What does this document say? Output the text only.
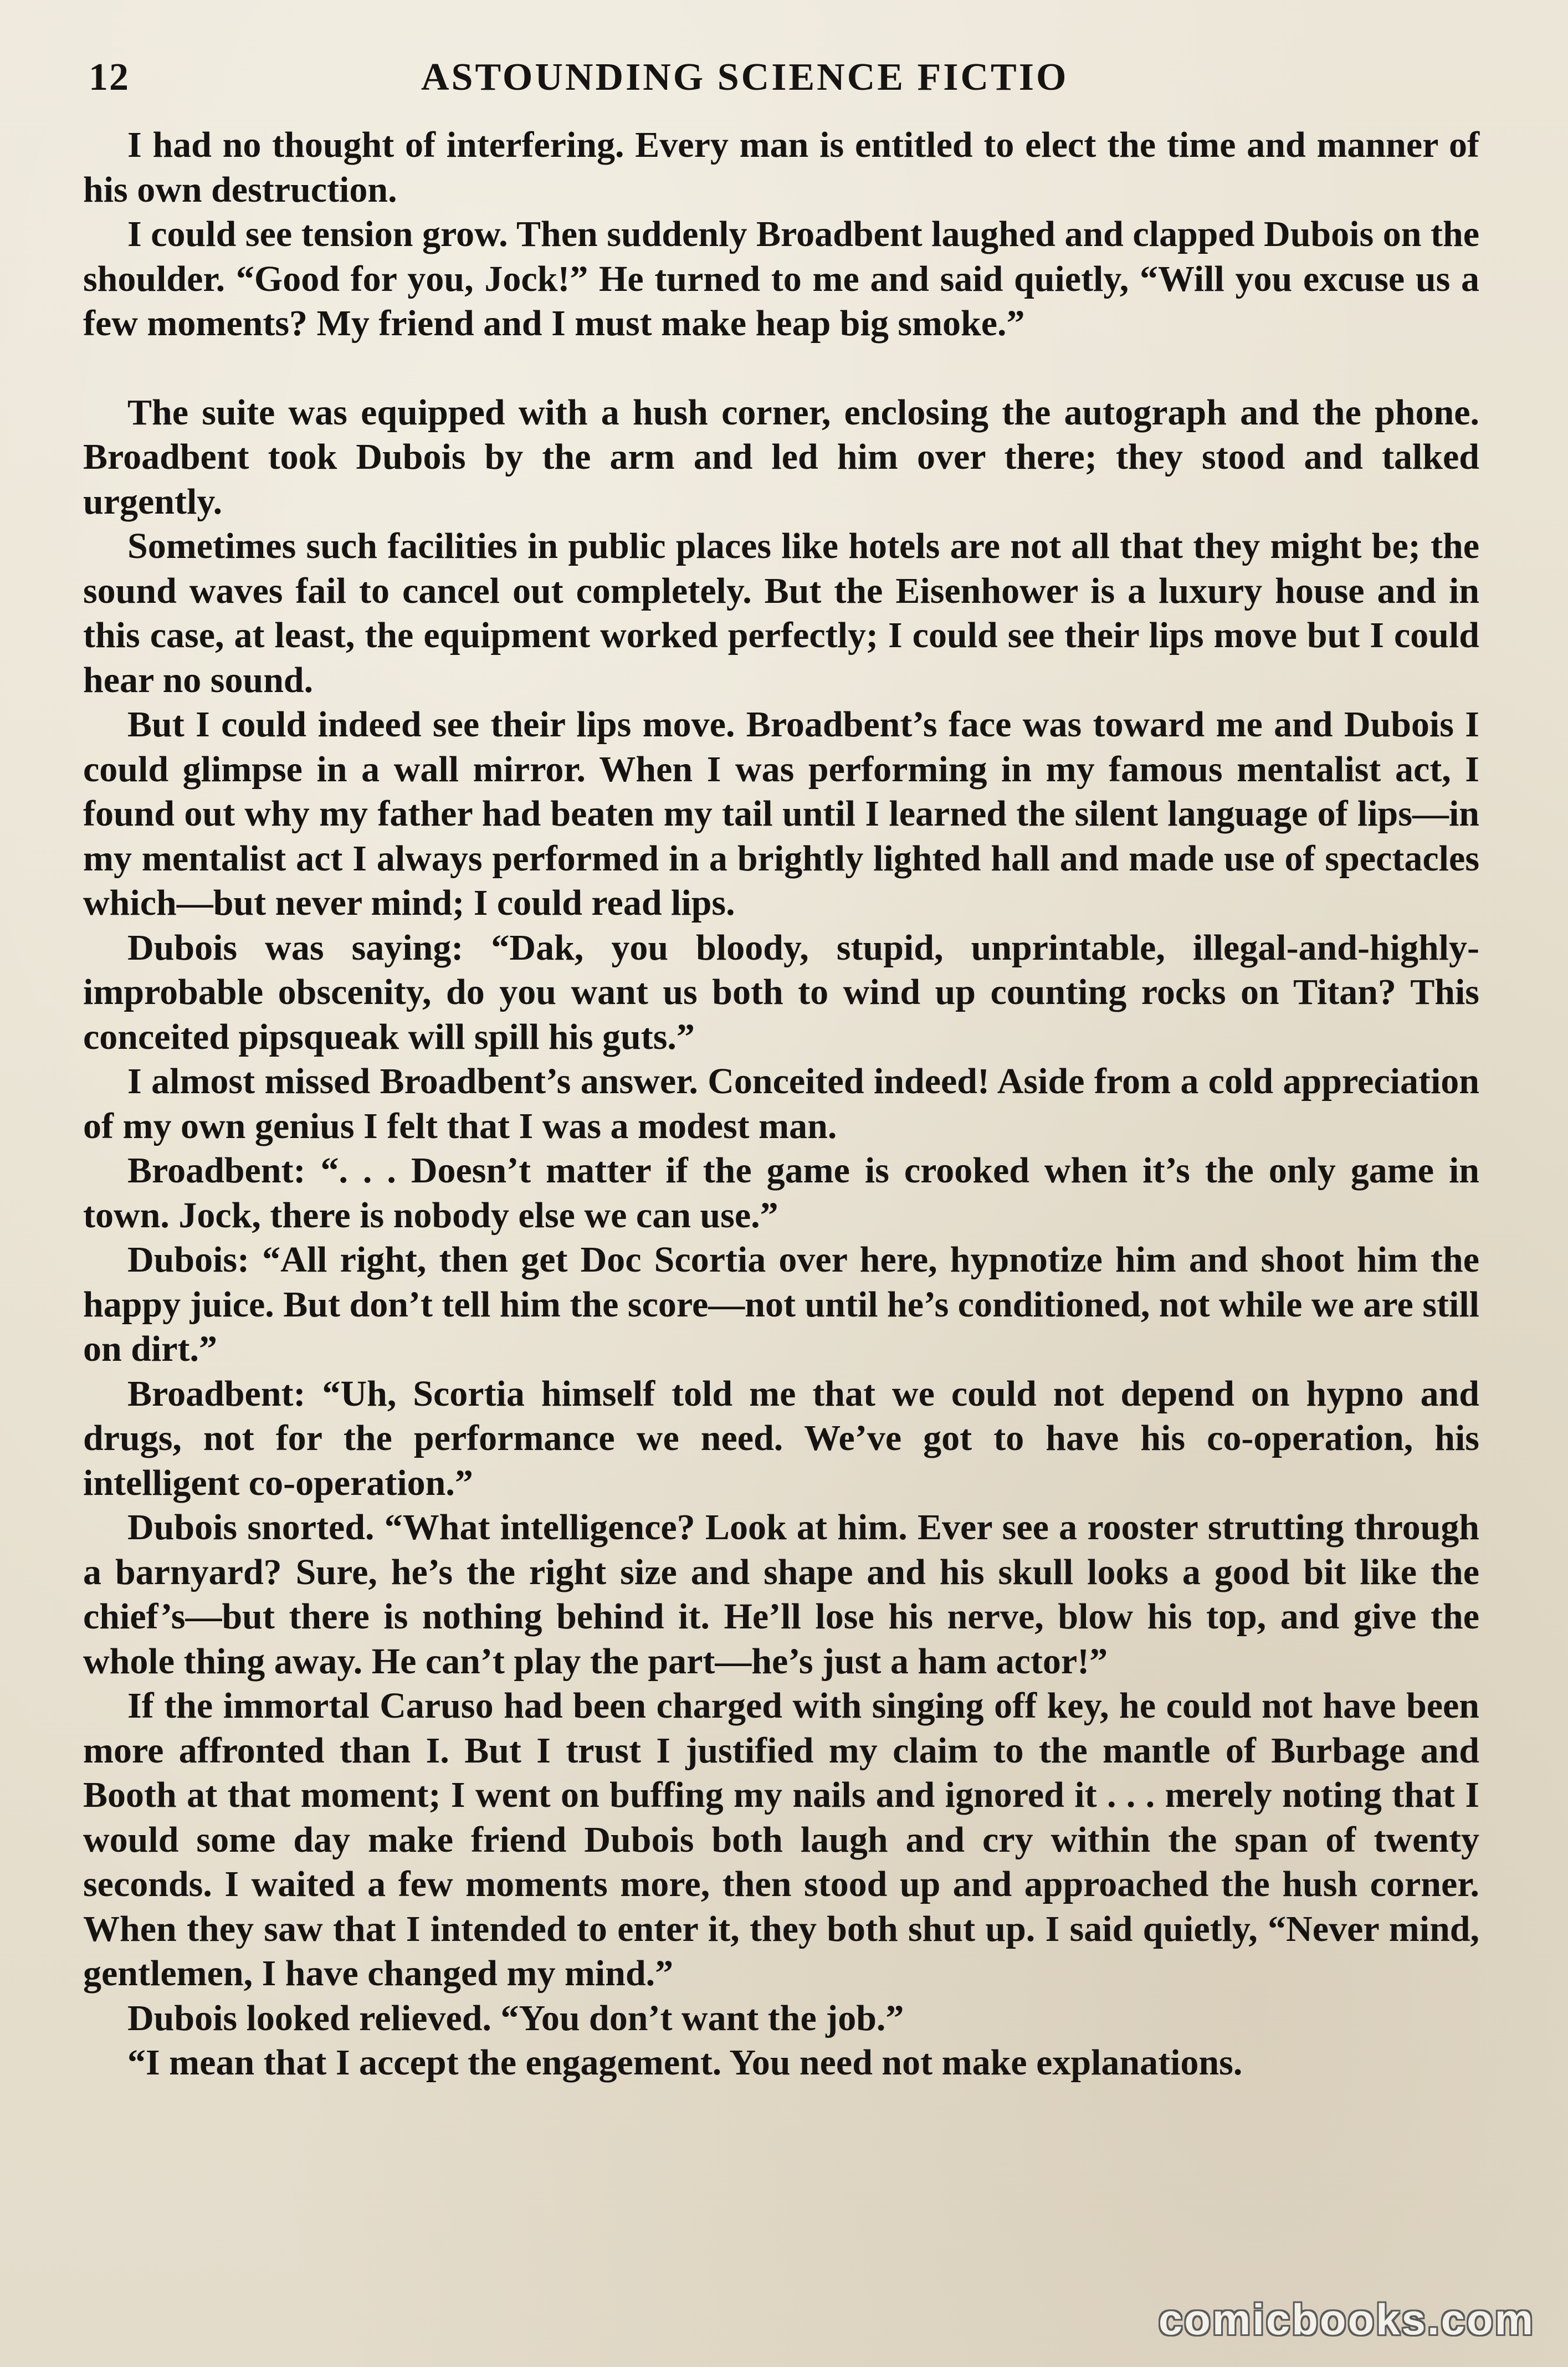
12	ASTOUNDING SCIENCE FICTIO

I had no thought of interfering. Every man is entitled to elect the time and manner of his own destruction.

I could see tension grow. Then suddenly Broadbent laughed and clapped Dubois on the shoulder. “Good for you, Jock!” He turned to me and said quietly, “Will you excuse us a few moments? My friend and I must make heap big smoke.”

The suite was equipped with a hush corner, enclosing the autograph and the phone. Broadbent took Dubois by the arm and led him over there; they stood and talked urgently.

Sometimes such facilities in public places like hotels are not all that they might be; the sound waves fail to cancel out completely. But the Eisenhower is a luxury house and in this case, at least, the equipment worked perfectly; I could see their lips move but I could hear no sound.

But I could indeed see their lips move. Broadbent’s face was toward me and Dubois I could glimpse in a wall mirror. When I was performing in my famous mentalist act, I found out why my father had beaten my tail until I learned the silent language of lips—in my mentalist act I always performed in a brightly lighted hall and made use of spectacles which—but never mind; I could read lips.

Dubois was saying: “Dak, you bloody, stupid, unprintable, illegal-and-highly-improbable obscenity, do you want us both to wind up counting rocks on Titan? This conceited pipsqueak will spill his guts.”

I almost missed Broadbent’s answer. Conceited indeed! Aside from a cold appreciation of my own genius I felt that I was a modest man.

Broadbent: “. . . Doesn’t matter if the game is crooked when it’s the only game in town. Jock, there is nobody else we can use.”

Dubois: “All right, then get Doc Scortia over here, hypnotize him and shoot him the happy juice. But don’t tell him the score—not until he’s conditioned, not while we are still on dirt.”

Broadbent: “Uh, Scortia himself told me that we could not depend on hypno and drugs, not for the performance we need. We’ve got to have his co-operation, his intelligent co-operation.”

Dubois snorted. “What intelligence? Look at him. Ever see a rooster strutting through a barnyard? Sure, he’s the right size and shape and his skull looks a good bit like the chief’s—but there is nothing behind it. He’ll lose his nerve, blow his top, and give the whole thing away. He can’t play the part—he’s just a ham actor!”

If the immortal Caruso had been charged with singing off key, he could not have been more affronted than I. But I trust I justified my claim to the mantle of Burbage and Booth at that moment; I went on buffing my nails and ignored it . . . merely noting that I would some day make friend Dubois both laugh and cry within the span of twenty seconds. I waited a few moments more, then stood up and approached the hush corner. When they saw that I intended to enter it, they both shut up. I said quietly, “Never mind, gentlemen, I have changed my mind.”

Dubois looked relieved. “You don’t want the job.”

“I mean that I accept the engagement. You need not make explanations.

comicbooks.com
